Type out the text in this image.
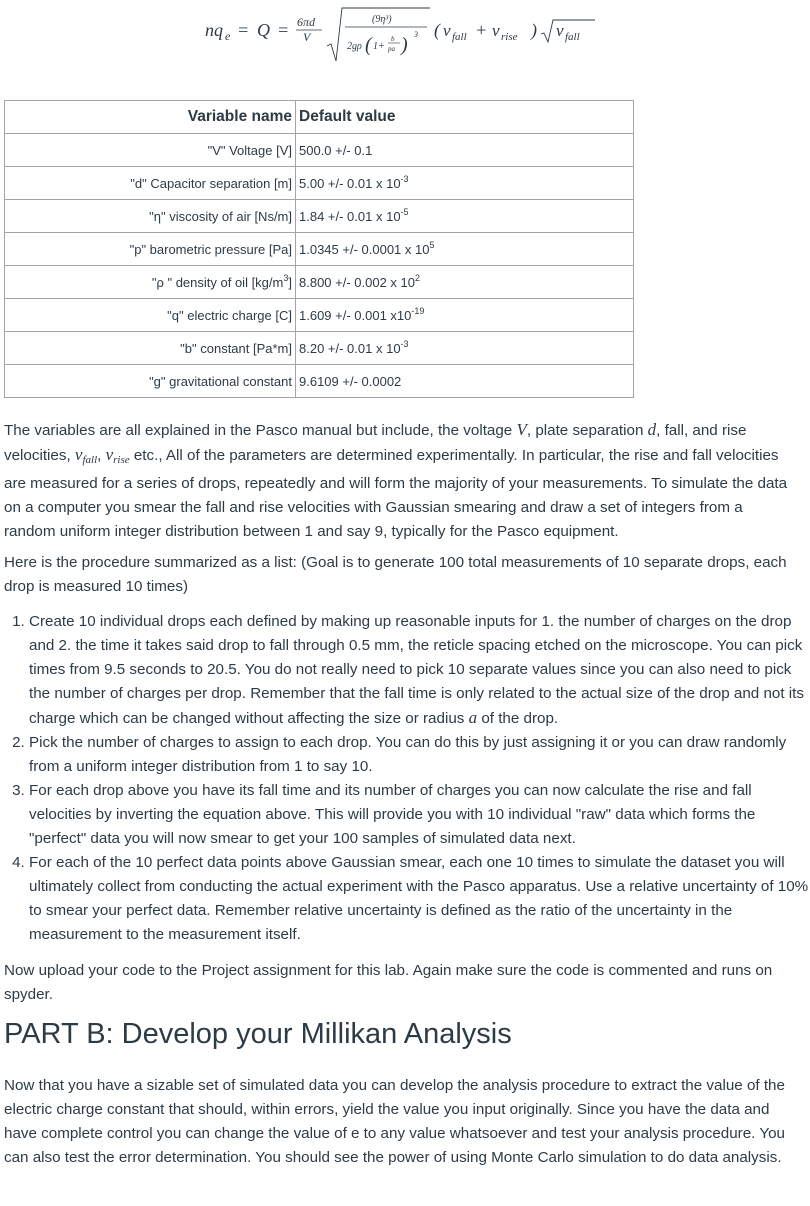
nq e = Q = 6πd
V
(9η³)
2gρ ( 1+
b
pa ) 3 ( v fall + v rise ) v fall
Variable name	Default value
"V" Voltage [V]	500.0 +/- 0.1
"d" Capacitor separation [m]	5.00 +/- 0.01 x $10^{-3}$
"η" viscosity of air [Ns/m]	1.84 +/- 0.01 x $10^{-5}$
"p" barometric pressure [Pa]	1.0345 +/- 0.0001 x $10^5$
"ρ " density of oil $[kg/m^3]$	8.800 +/- 0.002 x $10^2$
"q" electric charge [C]	1.609 +/- 0.001 $x10^{-19}$
"b" constant [Pa*m]	8.20 +/- 0.01 x $10^{-3}$
"g" gravitational constant	9.6109 +/- 0.0002

The variables are all explained in the Pasco manual but include, the voltage V, plate separation d, fall, and rise velocities, vfall, vrise etc., All of the parameters are determined experimentally. In particular, the rise and fall velocities are measured for a series of drops, repeatedly and will form the majority of your measurements. To simulate the data on a computer you smear the fall and rise velocities with Gaussian smearing and draw a set of integers from a random uniform integer distribution between 1 and say 9, typically for the Pasco equipment.

Here is the procedure summarized as a list: (Goal is to generate 100 total measurements of 10 separate drops, each drop is measured 10 times)

1. Create 10 individual drops each defined by making up reasonable inputs for 1. the number of charges on the drop and 2. the time it takes said drop to fall through 0.5 mm, the reticle spacing etched on the microscope. You can pick times from 9.5 seconds to 20.5. You do not really need to pick 10 separate values since you can also need to pick the number of charges per drop. Remember that the fall time is only related to the actual size of the drop and not its charge which can be changed without affecting the size or radius a of the drop.
2. Pick the number of charges to assign to each drop. You can do this by just assigning it or you can draw randomly from a uniform integer distribution from 1 to say 10.
3. For each drop above you have its fall time and its number of charges you can now calculate the rise and fall velocities by inverting the equation above. This will provide you with 10 individual "raw" data which forms the "perfect" data you will now smear to get your 100 samples of simulated data next.
4. For each of the 10 perfect data points above Gaussian smear, each one 10 times to simulate the dataset you will ultimately collect from conducting the actual experiment with the Pasco apparatus. Use a relative uncertainty of 10% to smear your perfect data. Remember relative uncertainty is defined as the ratio of the uncertainty in the measurement to the measurement itself.

Now upload your code to the Project assignment for this lab. Again make sure the code is commented and runs on spyder.

PART B: Develop your Millikan Analysis

Now that you have a sizable set of simulated data you can develop the analysis procedure to extract the value of the electric charge constant that should, within errors, yield the value you input originally. Since you have the data and have complete control you can change the value of e to any value whatsoever and test your analysis procedure. You can also test the error determination. You should see the power of using Monte Carlo simulation to do data analysis.
